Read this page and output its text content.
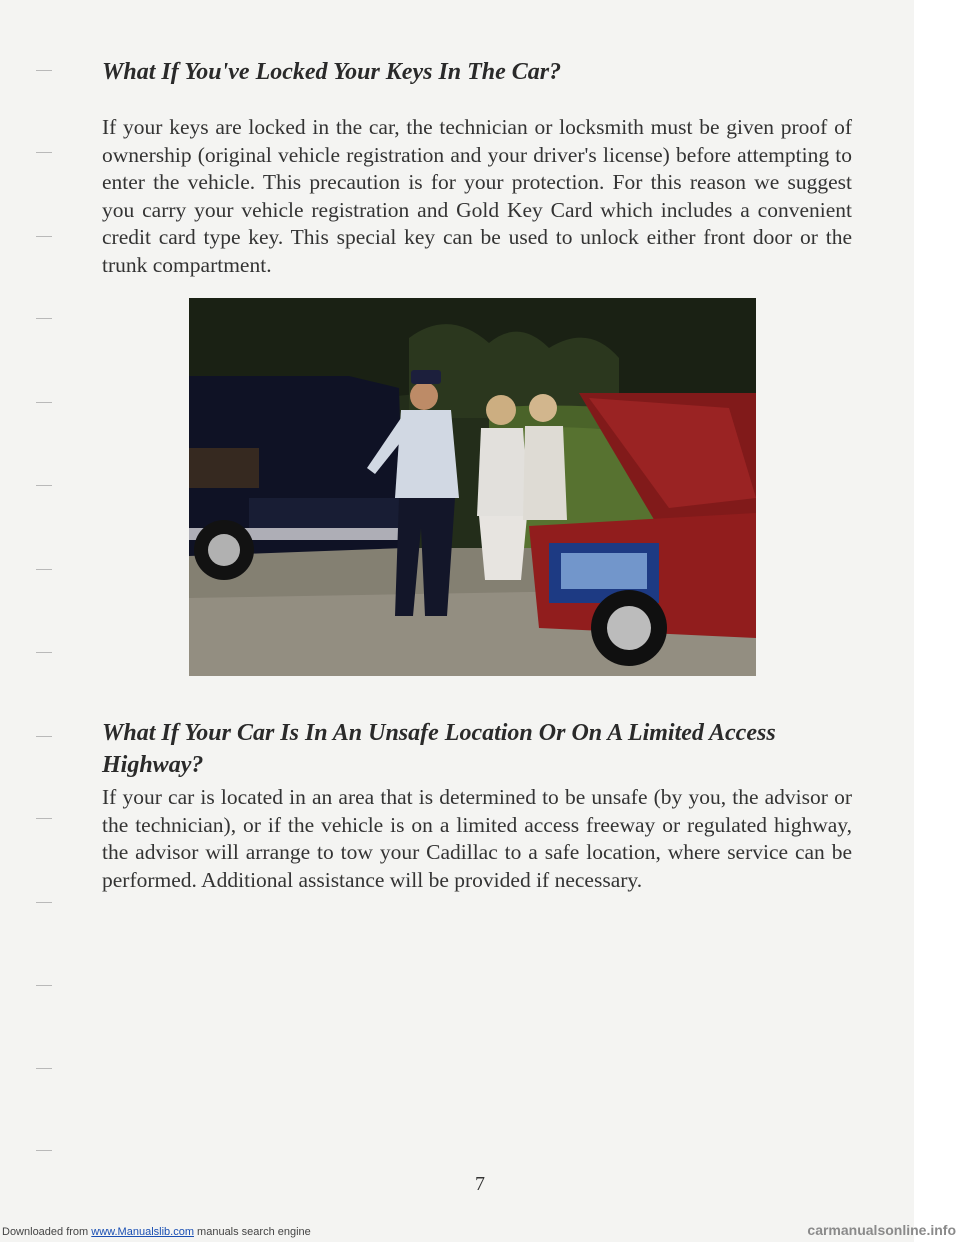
What If You've Locked Your Keys In The Car?

If your keys are locked in the car, the technician or locksmith must be given proof of ownership (original vehicle registration and your driver's license) before attempting to enter the vehicle. This precaution is for your protection. For this reason we suggest you carry your vehicle registration and Gold Key Card which includes a convenient credit card type key. This special key can be used to unlock either front door or the trunk compartment.

What If Your Car Is In An Unsafe Location Or On A Limited Access
Highway?

If your car is located in an area that is determined to be unsafe (by you, the advisor or the technician), or if the vehicle is on a limited access freeway or regulated highway, the advisor will arrange to tow your Cadillac to a safe location, where service can be performed. Additional assistance will be provided if necessary.

7
Downloaded from www.Manualslib.com manuals search engine	carmanualsonline.info
